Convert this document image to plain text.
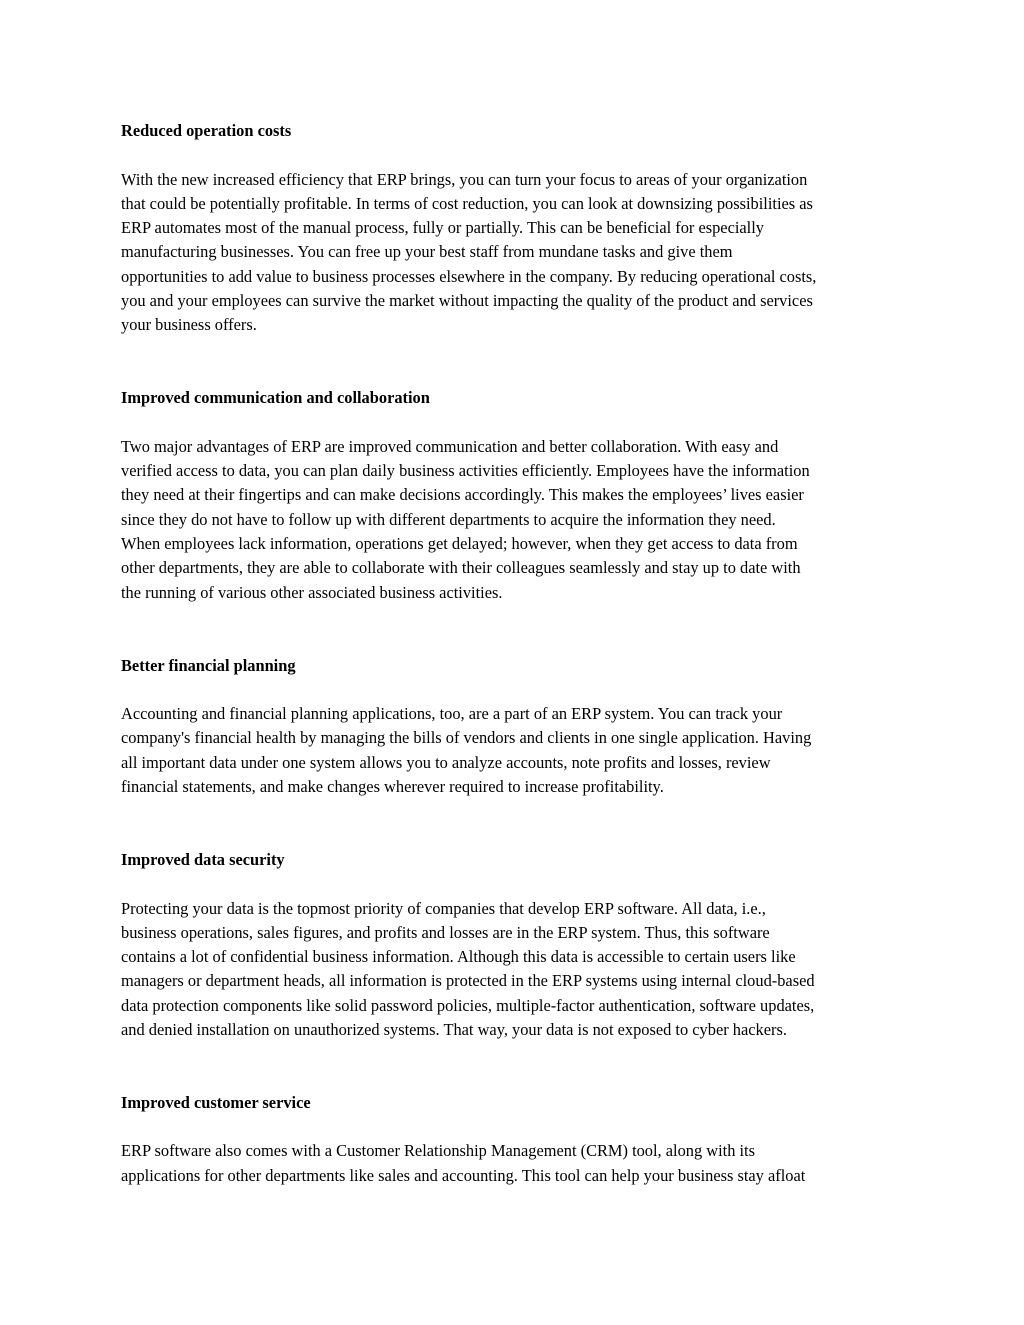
Reduced operation costs

With the new increased efficiency that ERP brings, you can turn your focus to areas of your organization
that could be potentially profitable. In terms of cost reduction, you can look at downsizing possibilities as
ERP automates most of the manual process, fully or partially. This can be beneficial for especially
manufacturing businesses. You can free up your best staff from mundane tasks and give them
opportunities to add value to business processes elsewhere in the company. By reducing operational costs,
you and your employees can survive the market without impacting the quality of the product and services
your business offers.

Improved communication and collaboration

Two major advantages of ERP are improved communication and better collaboration. With easy and
verified access to data, you can plan daily business activities efficiently. Employees have the information
they need at their fingertips and can make decisions accordingly. This makes the employees’ lives easier
since they do not have to follow up with different departments to acquire the information they need.
When employees lack information, operations get delayed; however, when they get access to data from
other departments, they are able to collaborate with their colleagues seamlessly and stay up to date with
the running of various other associated business activities.

Better financial planning

Accounting and financial planning applications, too, are a part of an ERP system. You can track your
company's financial health by managing the bills of vendors and clients in one single application. Having
all important data under one system allows you to analyze accounts, note profits and losses, review
financial statements, and make changes wherever required to increase profitability.

Improved data security

Protecting your data is the topmost priority of companies that develop ERP software. All data, i.e.,
business operations, sales figures, and profits and losses are in the ERP system. Thus, this software
contains a lot of confidential business information. Although this data is accessible to certain users like
managers or department heads, all information is protected in the ERP systems using internal cloud-based
data protection components like solid password policies, multiple-factor authentication, software updates,
and denied installation on unauthorized systems. That way, your data is not exposed to cyber hackers.

Improved customer service

ERP software also comes with a Customer Relationship Management (CRM) tool, along with its
applications for other departments like sales and accounting. This tool can help your business stay afloat
